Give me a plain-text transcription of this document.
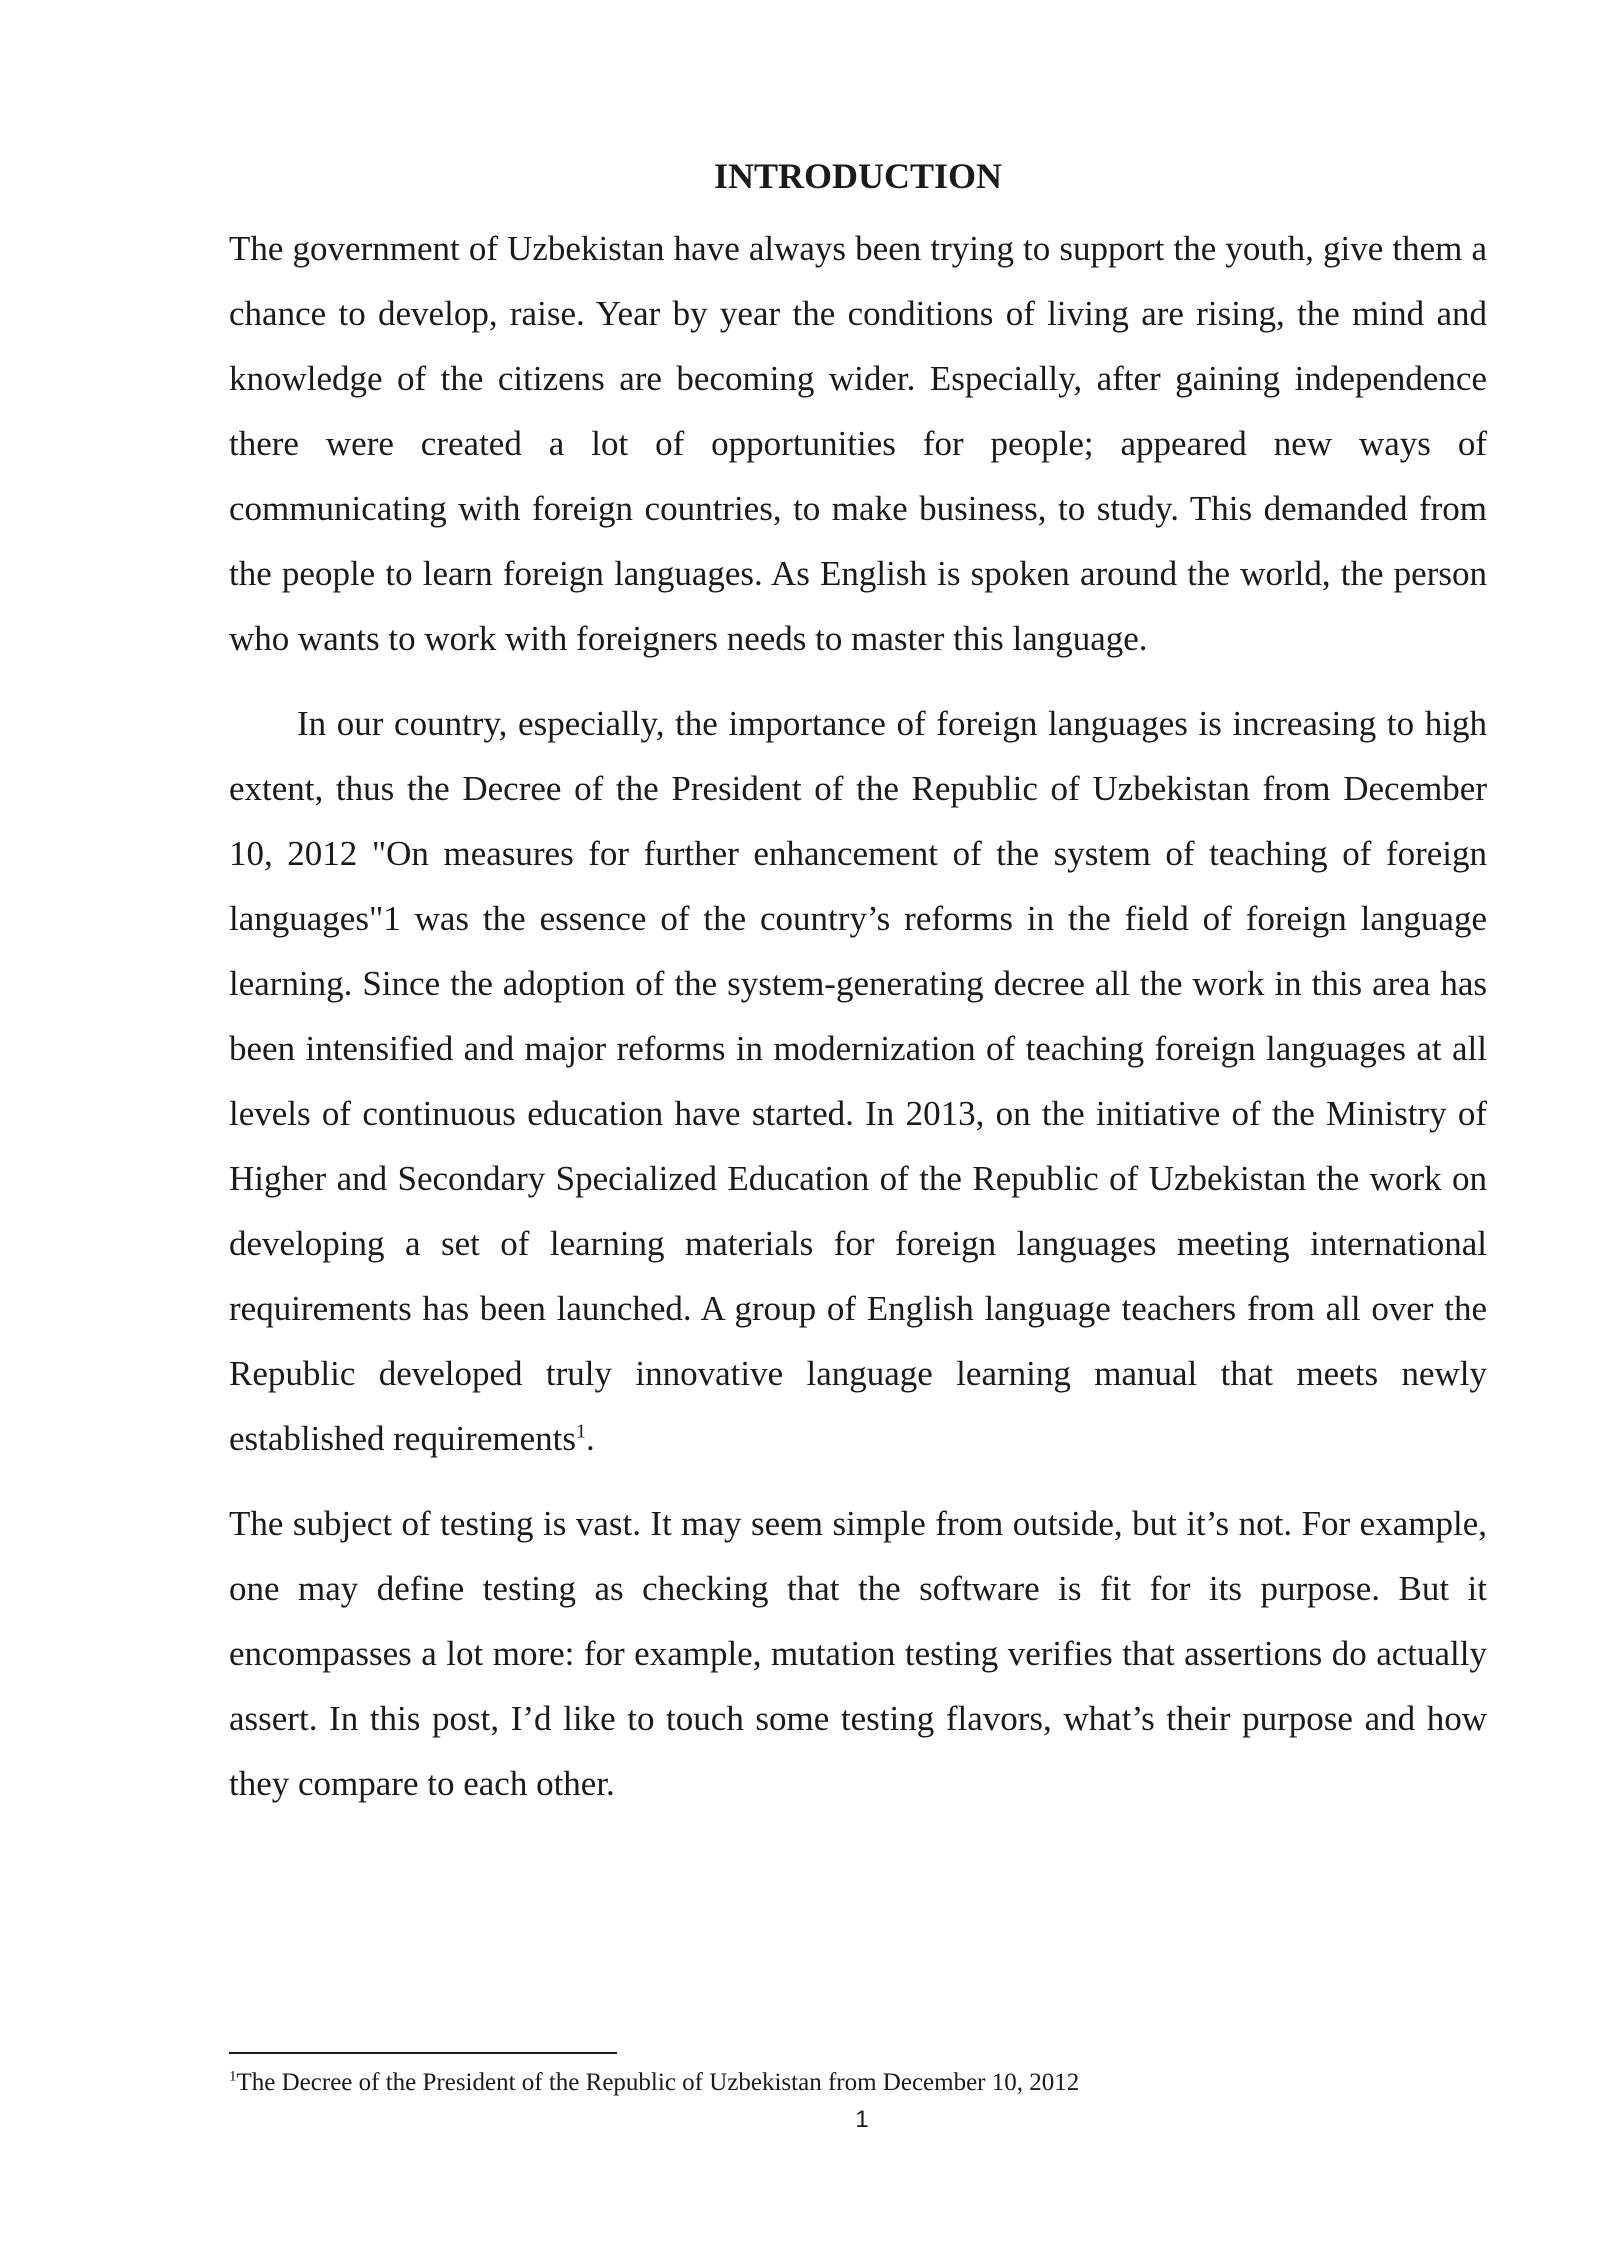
INTRODUCTION

The government of Uzbekistan have always been trying to support the youth, give them a chance to develop, raise. Year by year the conditions of living are rising, the mind and knowledge of the citizens are becoming wider. Especially, after gaining independence there were created a lot of opportunities for people; appeared new ways of communicating with foreign countries, to make business, to study. This demanded from the people to learn foreign languages. As English is spoken around the world, the person who wants to work with foreigners needs to master this language.

In our country, especially, the importance of foreign languages is increasing to high extent, thus the Decree of the President of the Republic of Uzbekistan from December 10, 2012 "On measures for further enhancement of the system of teaching of foreign languages"1 was the essence of the country’s reforms in the field of foreign language learning. Since the adoption of the system-generating decree all the work in this area has been intensified and major reforms in modernization of teaching foreign languages at all levels of continuous education have started. In 2013, on the initiative of the Ministry of Higher and Secondary Specialized Education of the Republic of Uzbekistan the work on developing a set of learning materials for foreign languages meeting international requirements has been launched. A group of English language teachers from all over the Republic developed truly innovative language learning manual that meets newly established requirements$^1$.

The subject of testing is vast. It may seem simple from outside, but it’s not. For example, one may define testing as checking that the software is fit for its purpose. But it encompasses a lot more: for example, mutation testing verifies that assertions do actually assert. In this post, I’d like to touch some testing flavors, what’s their purpose and how they compare to each other.

$^1$The Decree of the President of the Republic of Uzbekistan from December 10, 2012
1
